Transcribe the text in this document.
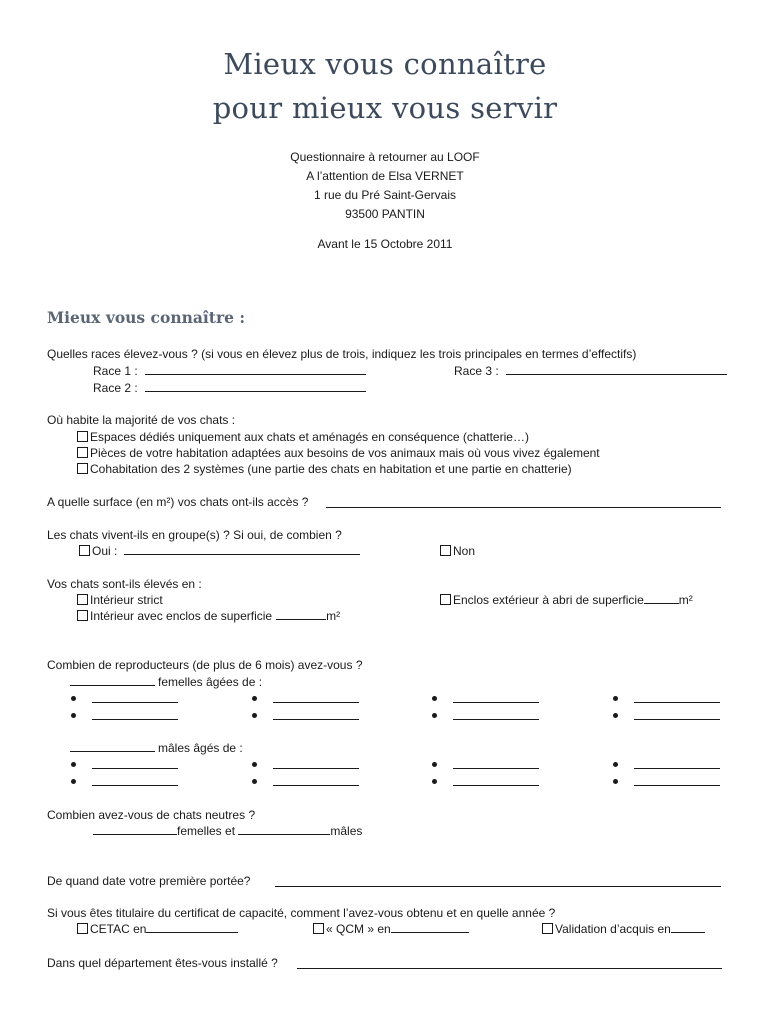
Mieux vous connaître
pour mieux vous servir
Questionnaire à retourner au LOOF
A l’attention de Elsa VERNET
1 rue du Pré Saint-Gervais
93500 PANTIN
Avant le 15 Octobre 2011
Mieux vous connaître :
Quelles races élevez-vous ? (si vous en élevez plus de trois, indiquez les trois principales en termes d’effectifs)
Race 1 :	Race 3 :
Race 2 :
Où habite la majorité de vos chats :
Espaces dédiés uniquement aux chats et aménagés en conséquence (chatterie…)
Pièces de votre habitation adaptées aux besoins de vos animaux mais où vous vivez également
Cohabitation des 2 systèmes (une partie des chats en habitation et une partie en chatterie)
A quelle surface (en m²) vos chats ont-ils accès ?
Les chats vivent-ils en groupe(s) ? Si oui, de combien ?
Oui :	Non
Vos chats sont-ils élevés en :
Intérieur strict	Enclos extérieur à abri de superficie	m²
Intérieur avec enclos de superficie	m²
Combien de reproducteurs (de plus de 6 mois) avez-vous ?
femelles âgées de :
mâles âgés de :
Combien avez-vous de chats neutres ?
femelles et	mâles
De quand date votre première portée?
Si vous êtes titulaire du certificat de capacité, comment l’avez-vous obtenu et en quelle année ?
CETAC en	« QCM » en	Validation d’acquis en
Dans quel département êtes-vous installé ?
